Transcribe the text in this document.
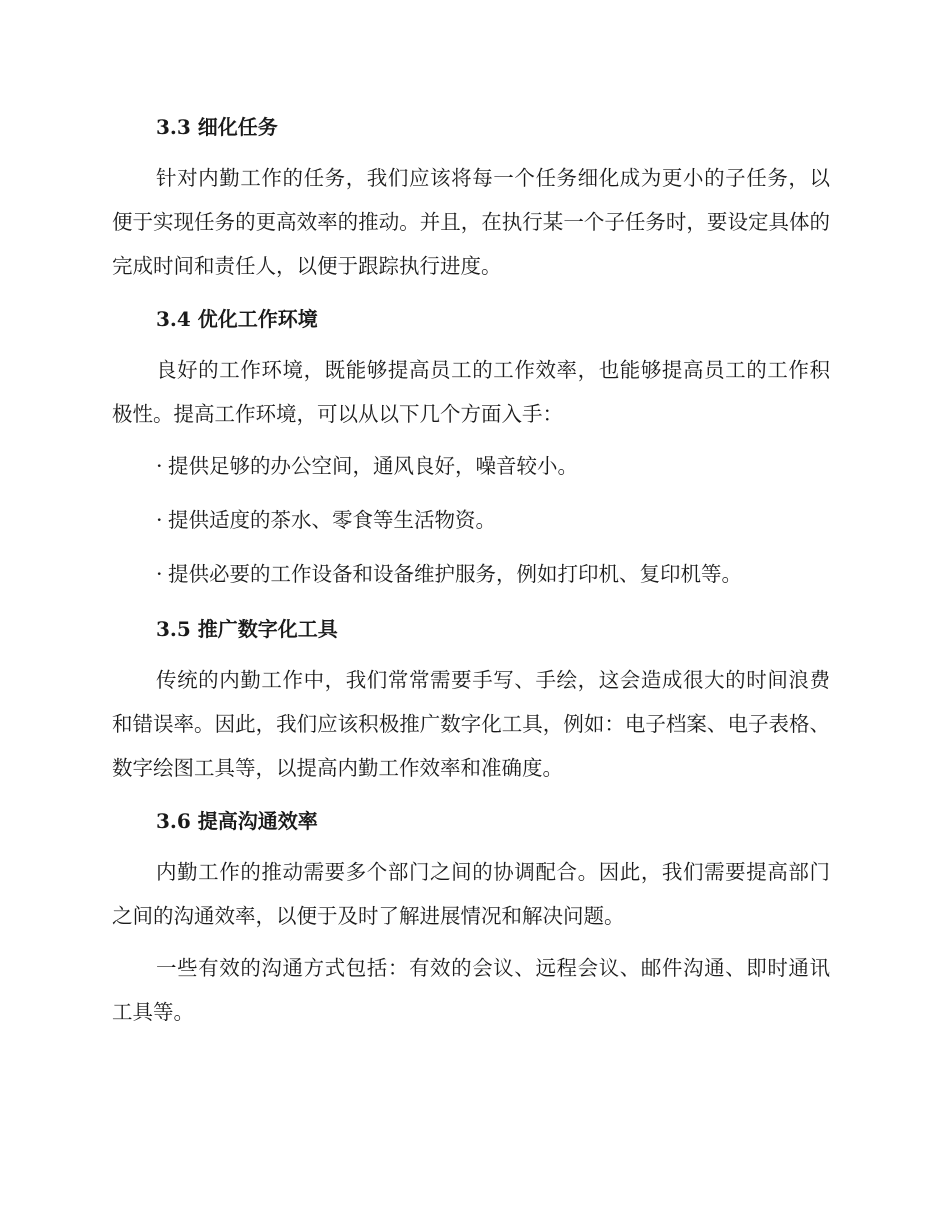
3.3 细化任务

针对内勤工作的任务，我们应该将每一个任务细化成为更小的子任务，以便于实现任务的更高效率的推动。并且，在执行某一个子任务时，要设定具体的完成时间和责任人，以便于跟踪执行进度。

3.4 优化工作环境

良好的工作环境，既能够提高员工的工作效率，也能够提高员工的工作积极性。提高工作环境，可以从以下几个方面入手：

· 提供足够的办公空间，通风良好，噪音较小。
· 提供适度的茶水、零食等生活物资。
· 提供必要的工作设备和设备维护服务，例如打印机、复印机等。
3.5 推广数字化工具

传统的内勤工作中，我们常常需要手写、手绘，这会造成很大的时间浪费和错误率。因此，我们应该积极推广数字化工具，例如：电子档案、电子表格、数字绘图工具等，以提高内勤工作效率和准确度。

3.6 提高沟通效率

内勤工作的推动需要多个部门之间的协调配合。因此，我们需要提高部门之间的沟通效率，以便于及时了解进展情况和解决问题。

一些有效的沟通方式包括：有效的会议、远程会议、邮件沟通、即时通讯工具等。
